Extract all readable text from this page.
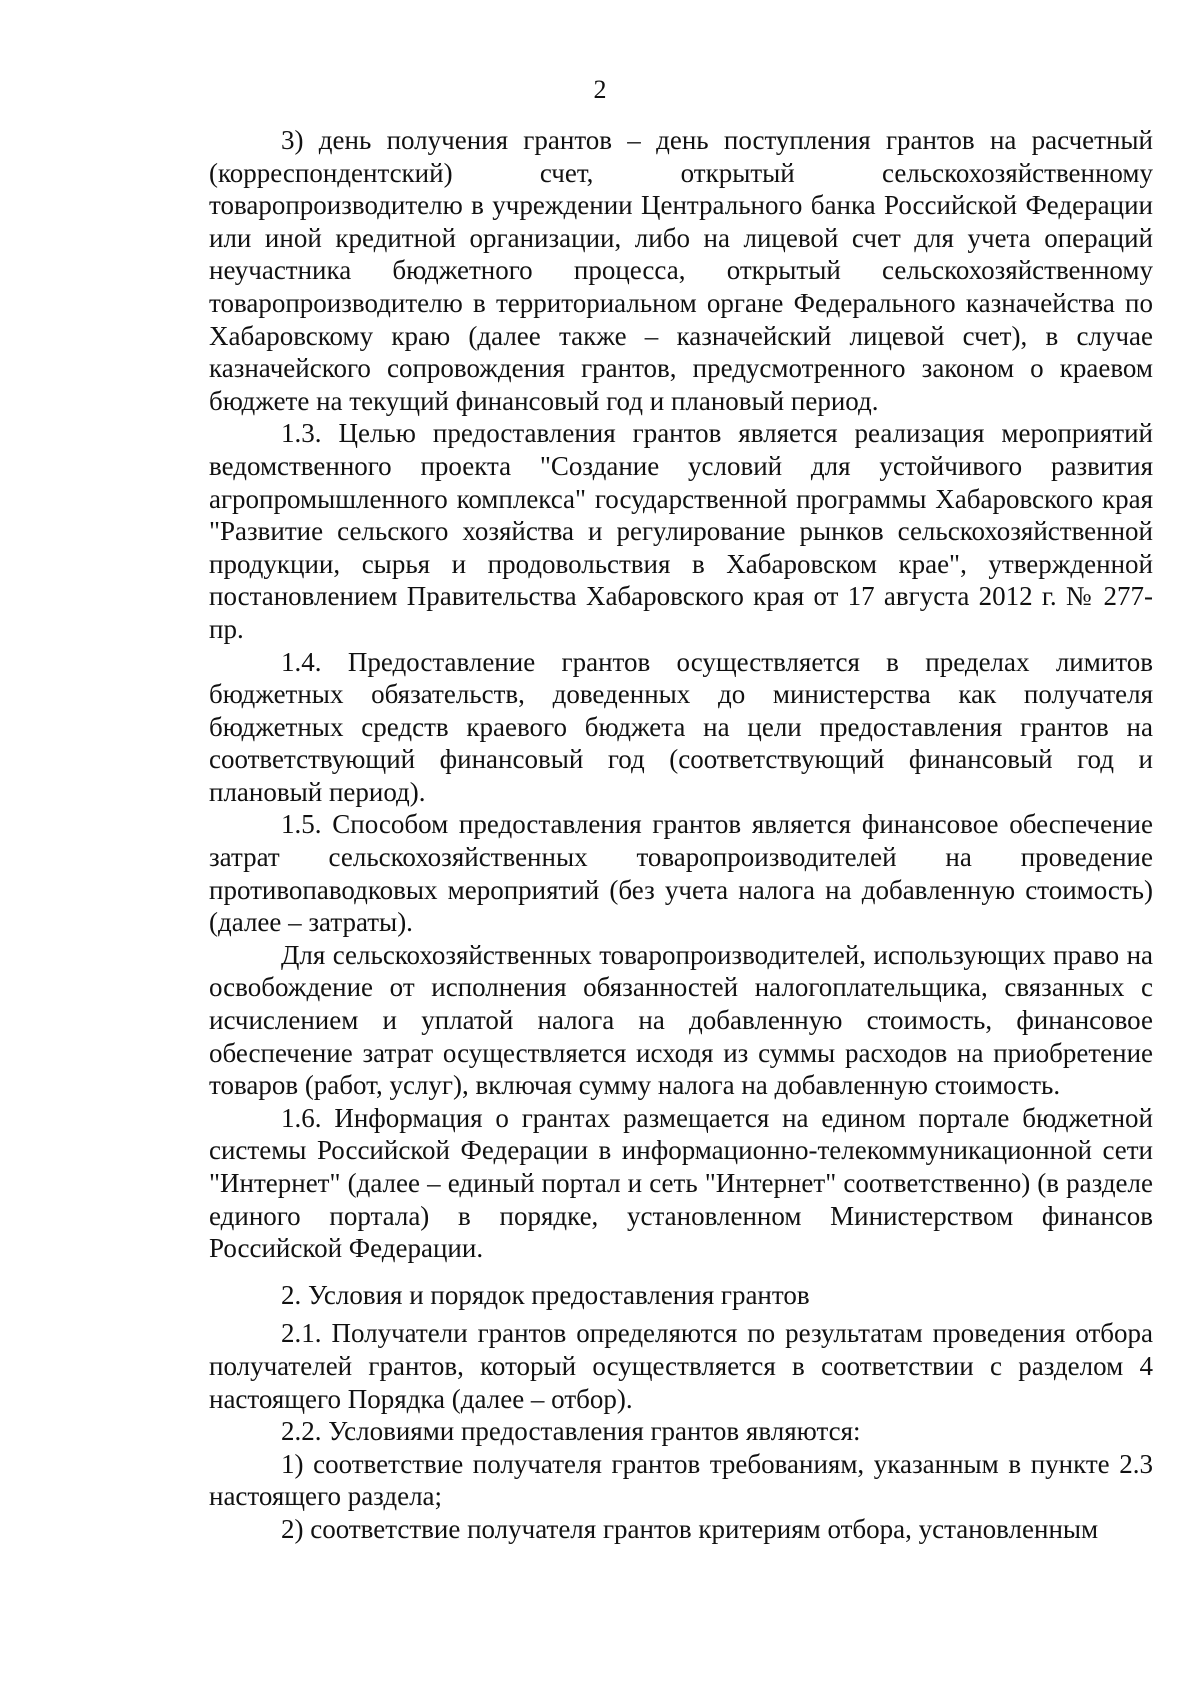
2

3) день получения грантов – день поступления грантов на расчетный (корреспондентский) счет, открытый сельскохозяйственному товаропроизводителю в учреждении Центрального банка Российской Федерации или иной кредитной организации, либо на лицевой счет для учета операций неучастника бюджетного процесса, открытый сельскохозяйственному товаропроизводителю в территориальном органе Федерального казначейства по Хабаровскому краю (далее также – казначейский лицевой счет), в случае казначейского сопровождения грантов, предусмотренного законом о краевом бюджете на текущий финансовый год и плановый период.

1.3. Целью предоставления грантов является реализация мероприятий ведомственного проекта "Создание условий для устойчивого развития агропромышленного комплекса" государственной программы Хабаровского края "Развитие сельского хозяйства и регулирование рынков сельскохозяйственной продукции, сырья и продовольствия в Хабаровском крае", утвержденной постановлением Правительства Хабаровского края от 17 августа 2012 г. № 277-пр.

1.4. Предоставление грантов осуществляется в пределах лимитов бюджетных обязательств, доведенных до министерства как получателя бюджетных средств краевого бюджета на цели предоставления грантов на соответствующий финансовый год (соответствующий финансовый год и плановый период).

1.5. Способом предоставления грантов является финансовое обеспечение затрат сельскохозяйственных товаропроизводителей на проведение противопаводковых мероприятий (без учета налога на добавленную стоимость) (далее – затраты).

Для сельскохозяйственных товаропроизводителей, использующих право на освобождение от исполнения обязанностей налогоплательщика, связанных с исчислением и уплатой налога на добавленную стоимость, финансовое обеспечение затрат осуществляется исходя из суммы расходов на приобретение товаров (работ, услуг), включая сумму налога на добавленную стоимость.

1.6. Информация о грантах размещается на едином портале бюджетной системы Российской Федерации в информационно-телекоммуникационной сети "Интернет" (далее – единый портал и сеть "Интернет" соответственно) (в разделе единого портала) в порядке, установленном Министерством финансов Российской Федерации.

2. Условия и порядок предоставления грантов

2.1. Получатели грантов определяются по результатам проведения отбора получателей грантов, который осуществляется в соответствии с разделом 4 настоящего Порядка (далее – отбор).

2.2. Условиями предоставления грантов являются:

1) соответствие получателя грантов требованиям, указанным в пункте 2.3 настоящего раздела;

2) соответствие получателя грантов критериям отбора, установленным
